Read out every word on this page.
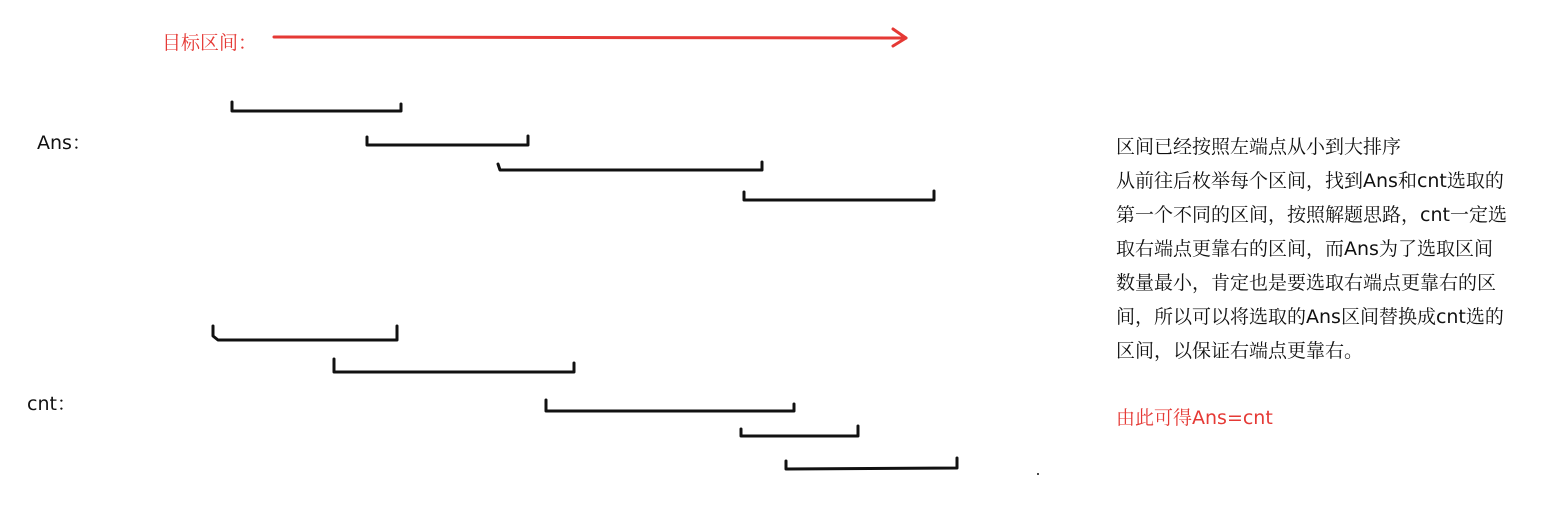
目标区间：
Ans：
cnt：
区间已经按照左端点从小到大排序
从前往后枚举每个区间，找到Ans和cnt选取的
第一个不同的区间，按照解题思路，cnt一定选
取右端点更靠右的区间，而Ans为了选取区间
数量最小，肯定也是要选取右端点更靠右的区
间，所以可以将选取的Ans区间替换成cnt选的
区间，以保证右端点更靠右。
由此可得Ans=cnt
